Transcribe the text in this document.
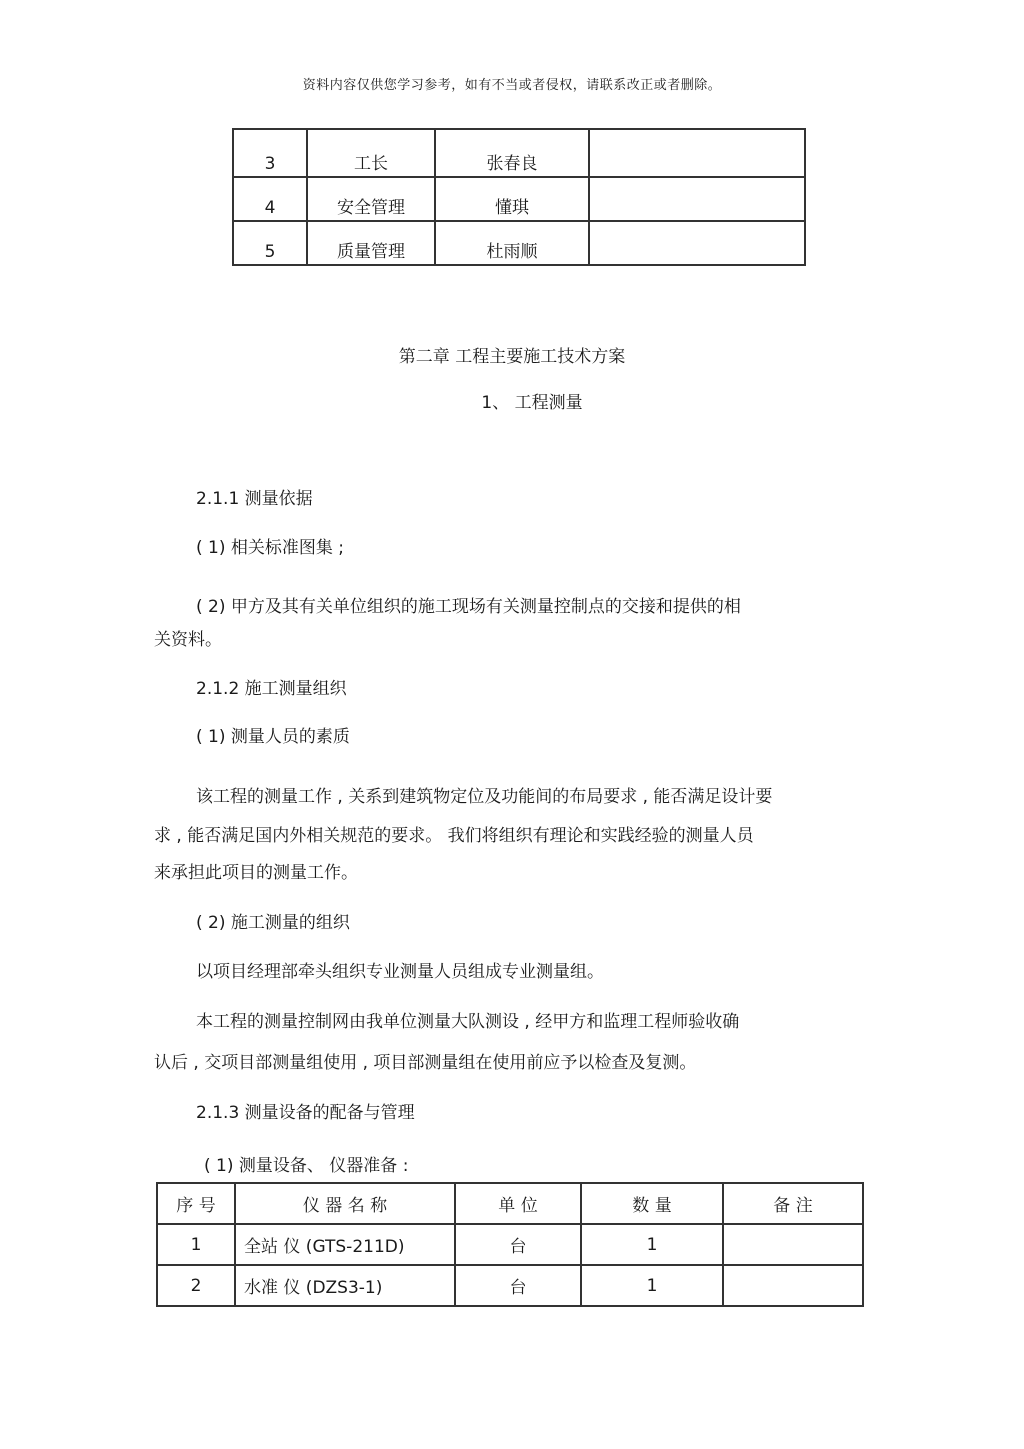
资料内容仅供您学习参考，如有不当或者侵权，请联系改正或者删除。
3	工长	张春良	
4	安全管理	懂琪	
5	质量管理	杜雨顺	
第二章 工程主要施工技术方案
1、 工程测量
2.1.1 测量依据
( 1) 相关标准图集 ;
( 2) 甲方及其有关单位组织的施工现场有关测量控制点的交接和提供的相
关资料。
2.1.2 施工测量组织
( 1) 测量人员的素质
该工程的测量工作 , 关系到建筑物定位及功能间的布局要求 , 能否满足设计要
求 , 能否满足国内外相关规范的要求。 我们将组织有理论和实践经验的测量人员
来承担此项目的测量工作。
( 2) 施工测量的组织
以项目经理部牵头组织专业测量人员组成专业测量组。
本工程的测量控制网由我单位测量大队测设 , 经甲方和监理工程师验收确
认后 , 交项目部测量组使用 , 项目部测量组在使用前应予以检查及复测。
2.1.3 测量设备的配备与管理
( 1) 测量设备、 仪器准备 :
序 号	仪 器 名 称	单 位	数 量	备 注
1	全站 仪 (GTS-211D)	台	1	
2	水准 仪 (DZS3-1)	台	1	
